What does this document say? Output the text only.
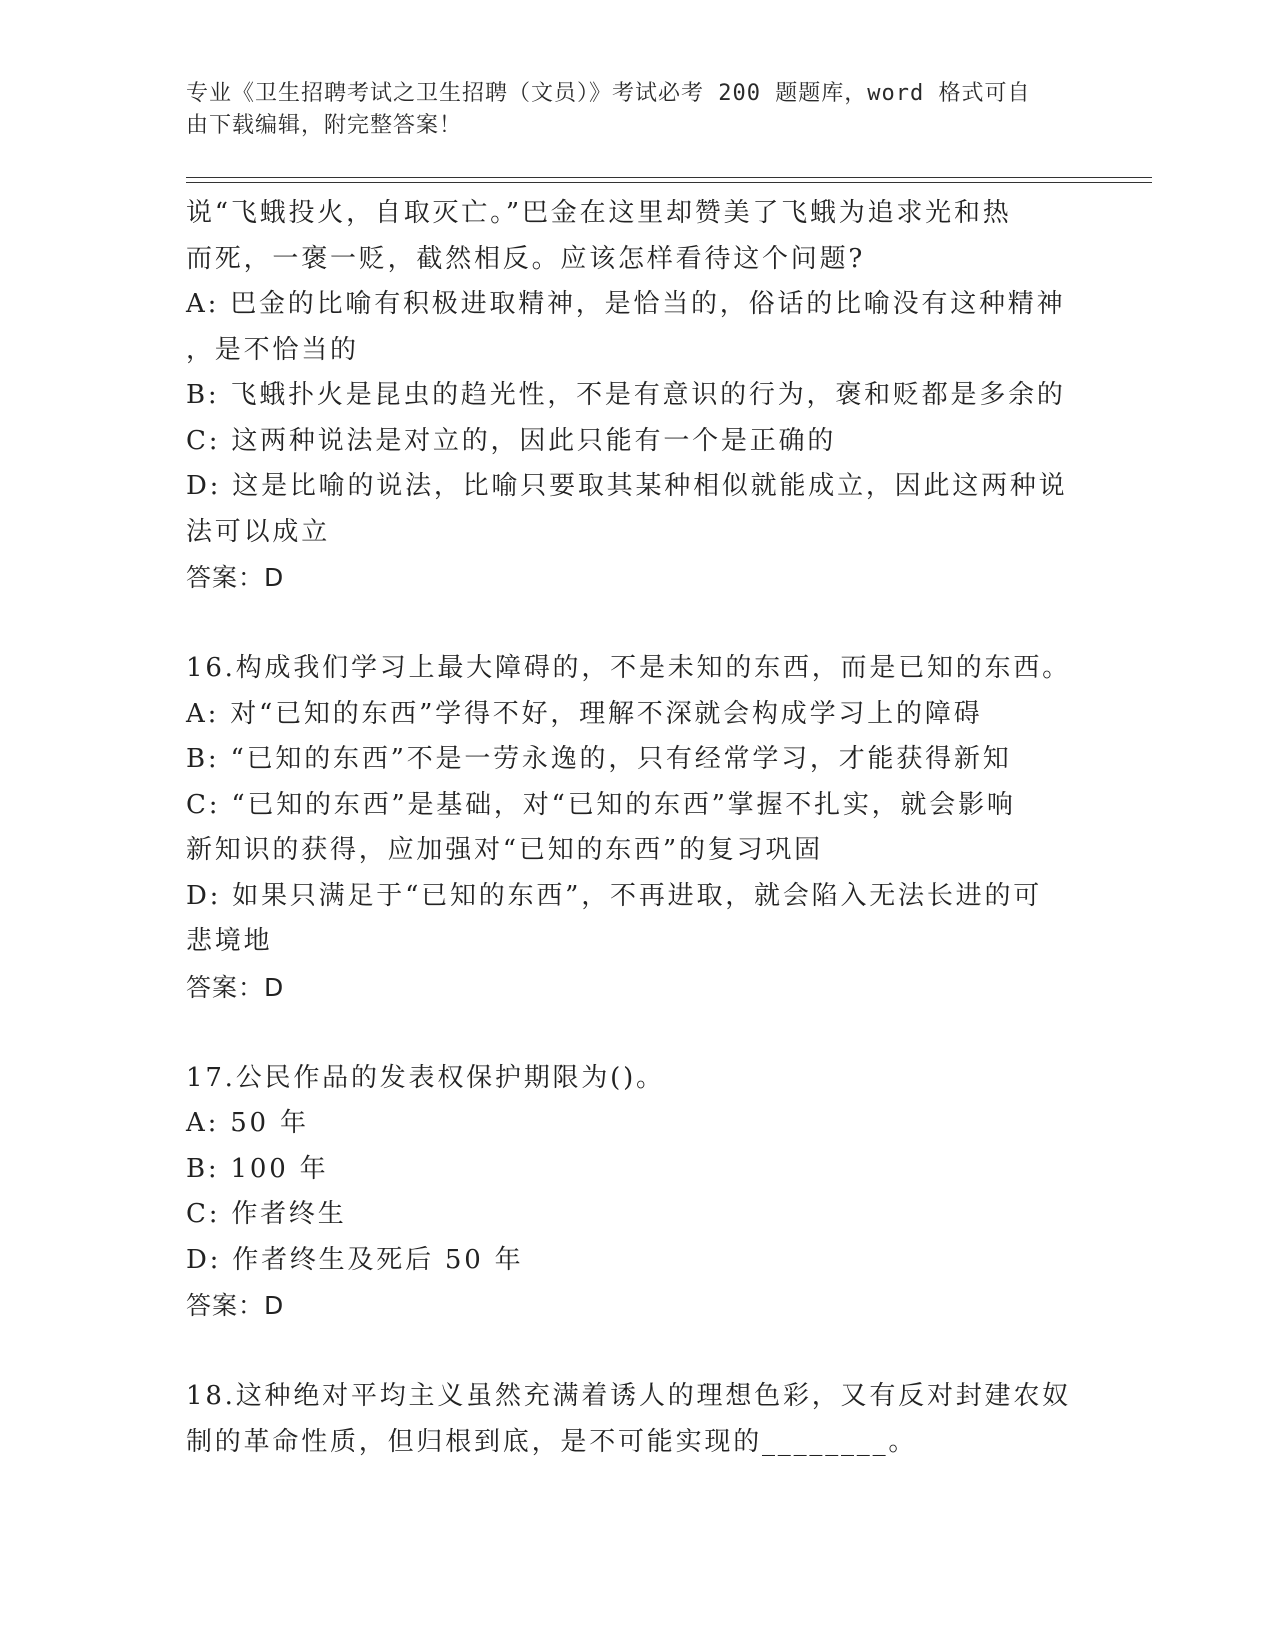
专业《卫生招聘考试之卫生招聘（文员）》考试必考 200 题题库，word 格式可自
由下载编辑，附完整答案！
说“飞蛾投火，自取灭亡。”巴金在这里却赞美了飞蛾为追求光和热
而死，一褒一贬，截然相反。应该怎样看待这个问题?
A: 巴金的比喻有积极进取精神，是恰当的，俗话的比喻没有这种精神
，是不恰当的
B: 飞蛾扑火是昆虫的趋光性，不是有意识的行为，褒和贬都是多余的
C: 这两种说法是对立的，因此只能有一个是正确的
D: 这是比喻的说法，比喻只要取其某种相似就能成立，因此这两种说
法可以成立
答案：D
16.构成我们学习上最大障碍的，不是未知的东西，而是已知的东西。
A: 对“已知的东西”学得不好，理解不深就会构成学习上的障碍
B: “已知的东西”不是一劳永逸的，只有经常学习，才能获得新知
C: “已知的东西”是基础，对“已知的东西”掌握不扎实，就会影响
新知识的获得，应加强对“已知的东西”的复习巩固
D: 如果只满足于“已知的东西”，不再进取，就会陷入无法长进的可
悲境地
答案：D
17.公民作品的发表权保护期限为()。
A: 50 年
B: 100 年
C: 作者终生
D: 作者终生及死后 50 年
答案：D
18.这种绝对平均主义虽然充满着诱人的理想色彩，又有反对封建农奴
制的革命性质，但归根到底，是不可能实现的________。
